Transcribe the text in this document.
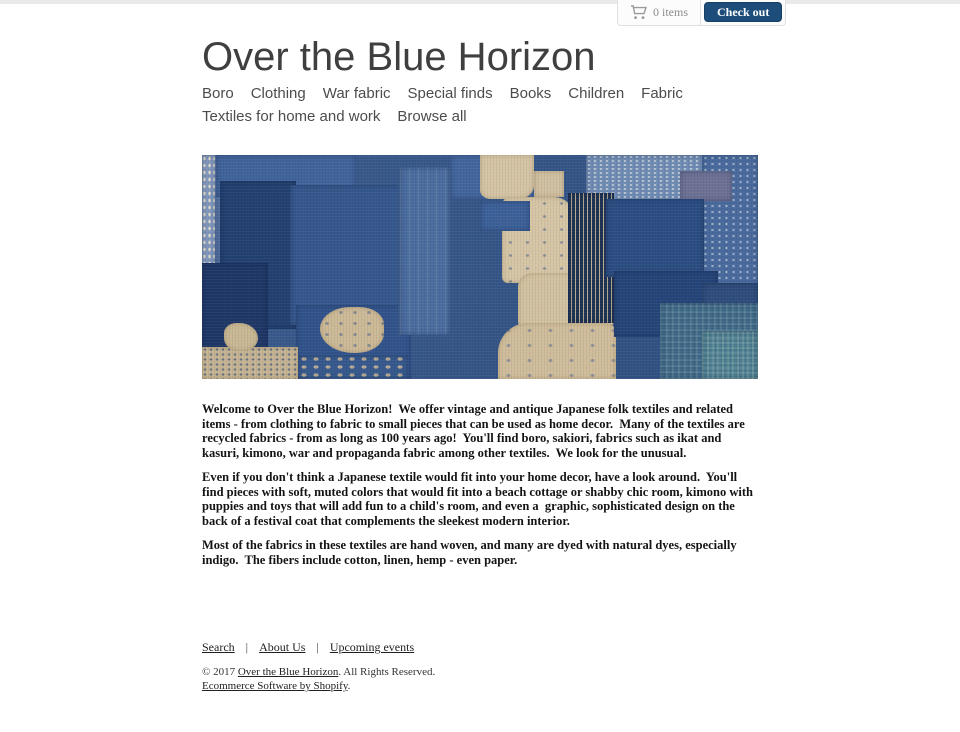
0 items	Check out
Over the Blue Horizon
Boro Clothing War fabric Special finds Books Children Fabric
Textiles for home and work Browse all

Welcome to Over the Blue Horizon!  We offer vintage and antique Japanese folk textiles and related items - from clothing to fabric to small pieces that can be used as home decor.  Many of the textiles are recycled fabrics - from as long as 100 years ago!  You'll find boro, sakiori, fabrics such as ikat and kasuri, kimono, war and propaganda fabric among other textiles.  We look for the unusual.

Even if you don't think a Japanese textile would fit into your home decor, have a look around.  You'll find pieces with soft, muted colors that would fit into a beach cottage or shabby chic room, kimono with puppies and toys that will add fun to a child's room, and even a  graphic, sophisticated design on the back of a festival coat that complements the sleekest modern interior.

Most of the fabrics in these textiles are hand woven, and many are dyed with natural dyes, especially indigo.  The fibers include cotton, linen, hemp - even paper.

Search | About Us | Upcoming events
© 2017 Over the Blue Horizon. All Rights Reserved.
Ecommerce Software by Shopify.
